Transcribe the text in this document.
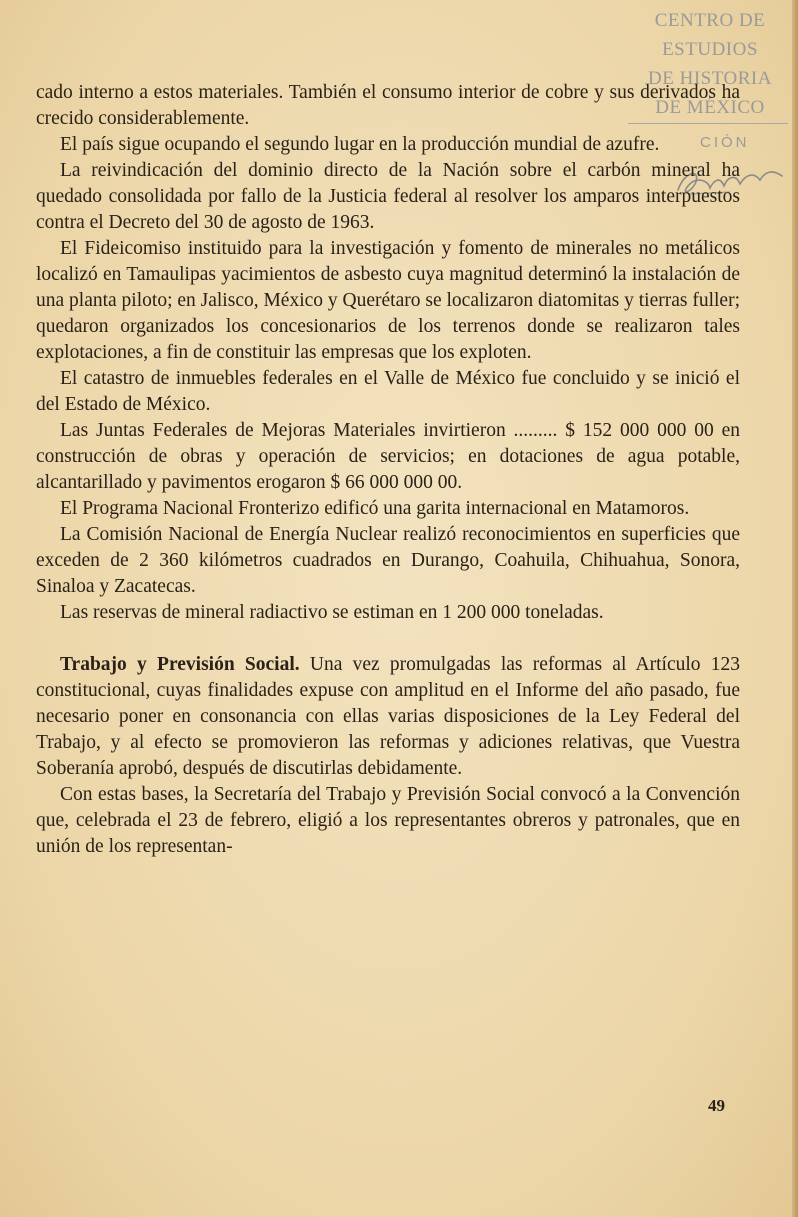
CENTRO DE
ESTUDIOS
DE HISTORIA
DE MÉXICO
CIÓN

cado interno a estos materiales. También el consumo interior de cobre y sus derivados ha crecido considerablemente.

El país sigue ocupando el segundo lugar en la producción mundial de azufre.

La reivindicación del dominio directo de la Nación sobre el carbón mineral ha quedado consolidada por fallo de la Justicia federal al resolver los amparos interpuestos contra el Decreto del 30 de agosto de 1963.

El Fideicomiso instituido para la investigación y fomento de minerales no metálicos localizó en Tamaulipas yacimientos de asbesto cuya magnitud determinó la instalación de una planta piloto; en Jalisco, México y Querétaro se localizaron diatomitas y tierras fuller; quedaron organizados los concesionarios de los terrenos donde se realizaron tales explotaciones, a fin de constituir las empresas que los exploten.

El catastro de inmuebles federales en el Valle de México fue concluido y se inició el del Estado de México.

Las Juntas Federales de Mejoras Materiales invirtieron ......... $ 152 000 000 00 en construcción de obras y operación de servicios; en dotaciones de agua potable, alcantarillado y pavimentos erogaron $ 66 000 000 00.

El Programa Nacional Fronterizo edificó una garita internacional en Matamoros.

La Comisión Nacional de Energía Nuclear realizó reconocimientos en superficies que exceden de 2 360 kilómetros cuadrados en Durango, Coahuila, Chihuahua, Sonora, Sinaloa y Zacatecas.

Las reservas de mineral radiactivo se estiman en 1 200 000 toneladas.

Trabajo y Previsión Social. Una vez promulgadas las reformas al Artículo 123 constitucional, cuyas finalidades expuse con amplitud en el Informe del año pasado, fue necesario poner en consonancia con ellas varias disposiciones de la Ley Federal del Trabajo, y al efecto se promovieron las reformas y adiciones relativas, que Vuestra Soberanía aprobó, después de discutirlas debidamente.

Con estas bases, la Secretaría del Trabajo y Previsión Social convocó a la Convención que, celebrada el 23 de febrero, eligió a los representantes obreros y patronales, que en unión de los representan-

49
